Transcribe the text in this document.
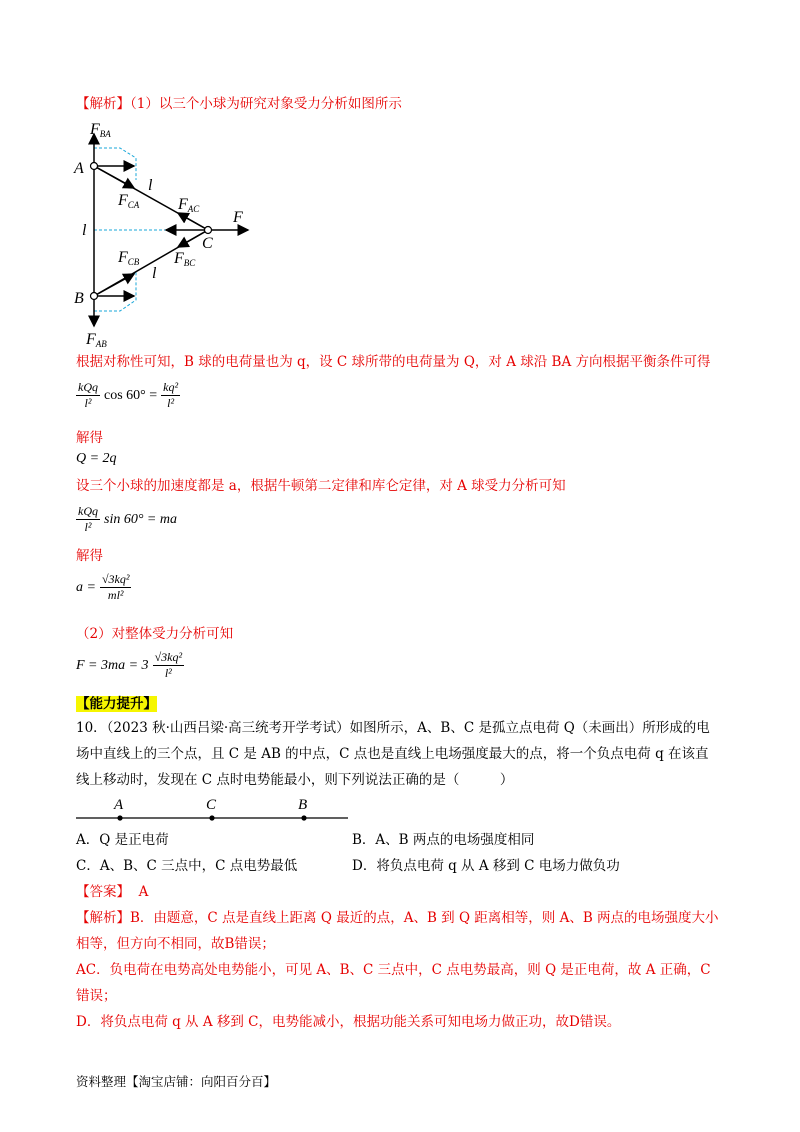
【解析】（1）以三个小球为研究对象受力分析如图所示
FBA
A
l
FCA FAC F
l
C
FCB FBC
l
B
FAB
根据对称性可知，B 球的电荷量也为 q，设 C 球所带的电荷量为 Q，对 A 球沿 BA 方向根据平衡条件可得
$\frac{\text{kQq}}{\text{l²}}$ $\cos 60^\circ = \frac{\text{kq²}}{\text{l²}}$
解得
Q = 2q
设三个小球的加速度都是 a，根据牛顿第二定律和库仑定律，对 A 球受力分析可知
$\frac{\text{kQq}}{\text{l²}}$ sin 60° = ma
解得
$a = \frac{\text{√3kq²}}{\text{ml²}}$
（2）对整体受力分析可知
$F = 3ma = 3 \frac{\text{√3kq²}}{\text{l²}}$
【能力提升】
10．（2023 秋·山西吕梁·高三统考开学考试）如图所示，A、B、C 是孤立点电荷 Q（未画出）所形成的电
场中直线上的三个点，且 C 是 AB 的中点，C 点也是直线上电场强度最大的点，将一个负点电荷 q 在该直
线上移动时，发现在 C 点时电势能最小，则下列说法正确的是（　　　）
A	C	B
A．Q 是正电荷	B．A、B 两点的电场强度相同
C．A、B、C 三点中，C 点电势最低	D．将负点电荷 q 从 A 移到 C 电场力做负功
【答案】 A
【解析】B．由题意，C 点是直线上距离 Q 最近的点，A、B 到 Q 距离相等，则 A、B 两点的电场强度大小
相等，但方向不相同，故B错误；
AC．负电荷在电势高处电势能小，可见 A、B、C 三点中，C 点电势最高，则 Q 是正电荷，故 A 正确，C
错误；
D．将负点电荷 q 从 A 移到 C，电势能减小，根据功能关系可知电场力做正功，故D错误。
资料整理【淘宝店铺：向阳百分百】
